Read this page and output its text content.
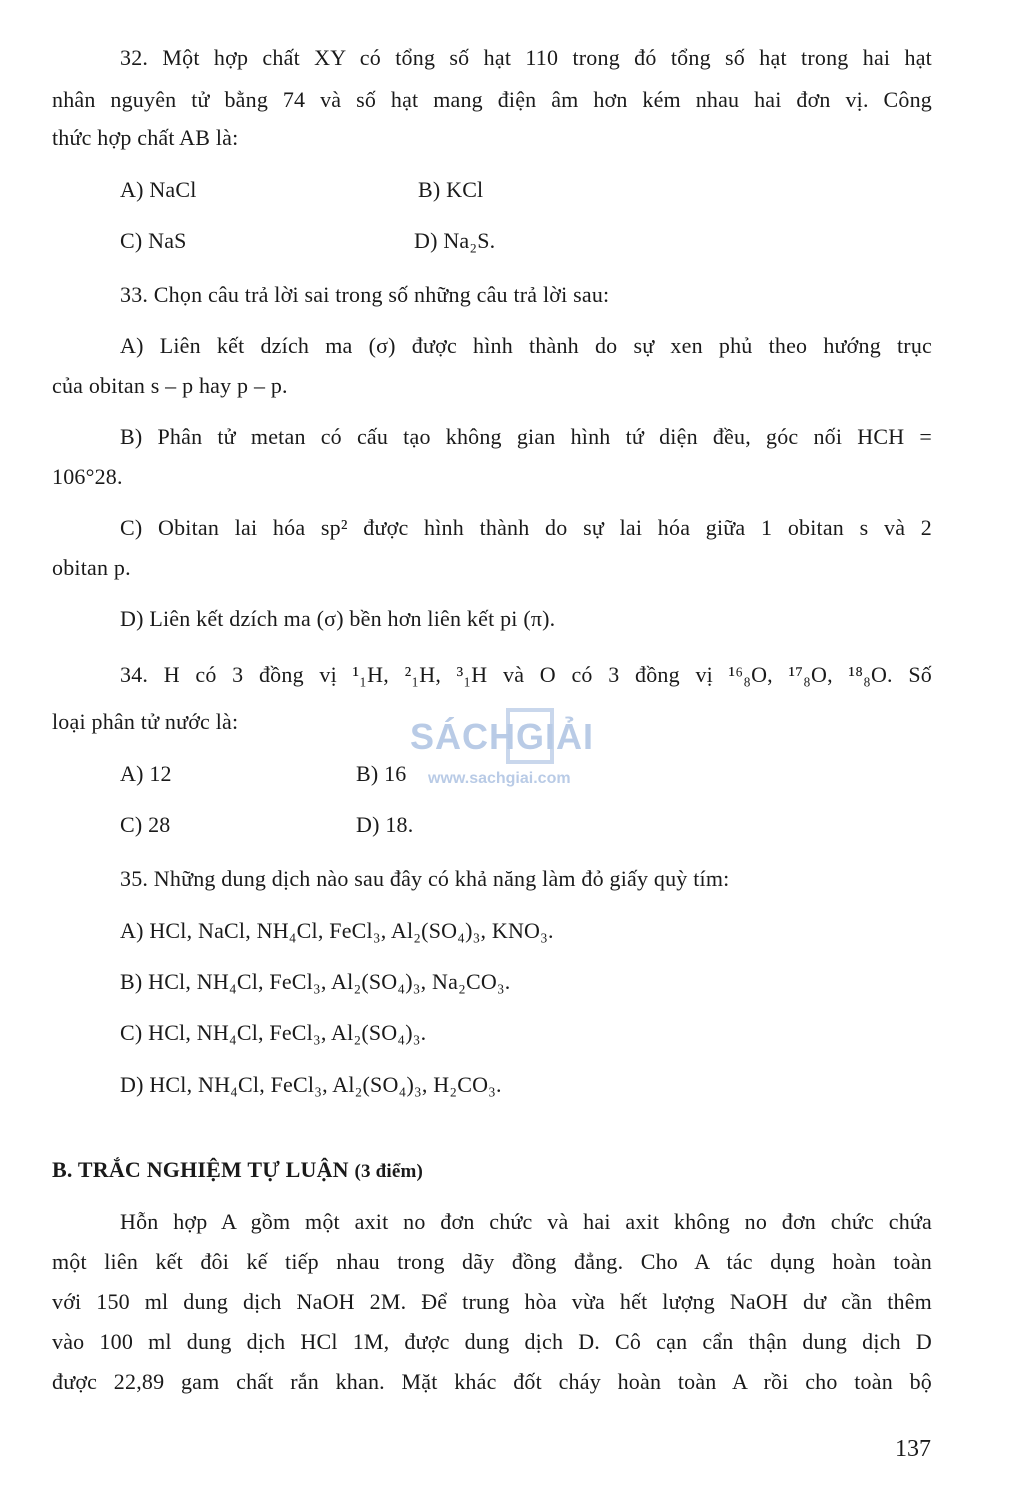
32. Một hợp chất XY có tổng số hạt 110 trong đó tổng số hạt trong hai hạt
nhân nguyên tử bằng 74 và số hạt mang điện âm hơn kém nhau hai đơn vị. Công
thức hợp chất AB là:
A) NaCl	B) KCl
C) NaS	D) Na₂S.
33. Chọn câu trả lời sai trong số những câu trả lời sau:
A) Liên kết dzích ma (σ) được hình thành do sự xen phủ theo hướng trục
của obitan s – p hay p – p.
B) Phân tử metan có cấu tạo không gian hình tứ diện đều, góc nối HCH =
106°28.
C) Obitan lai hóa sp² được hình thành do sự lai hóa giữa 1 obitan s và 2
obitan p.
D) Liên kết dzích ma (σ) bền hơn liên kết pi (π).
34. H có 3 đồng vị ¹₁H, ²₁H, ³₁H và O có 3 đồng vị ¹⁶₈O, ¹⁷₈O, ¹⁸₈O. Số
loại phân tử nước là:
A) 12	B) 16
C) 28	D) 18.
SÁCHGIẢI
www.sachgiai.com
35. Những dung dịch nào sau đây có khả năng làm đỏ giấy quỳ tím:
A) HCl, NaCl, NH₄Cl, FeCl₃, Al₂(SO₄)₃, KNO₃.
B) HCl, NH₄Cl, FeCl₃, Al₂(SO₄)₃, Na₂CO₃.
C) HCl, NH₄Cl, FeCl₃, Al₂(SO₄)₃.
D) HCl, NH₄Cl, FeCl₃, Al₂(SO₄)₃, H₂CO₃.
B. TRẮC NGHIỆM TỰ LUẬN (3 điểm)
Hỗn hợp A gồm một axit no đơn chức và hai axit không no đơn chức chứa
một liên kết đôi kế tiếp nhau trong dãy đồng đẳng. Cho A tác dụng hoàn toàn
với 150 ml dung dịch NaOH 2M. Để trung hòa vừa hết lượng NaOH dư cần thêm
vào 100 ml dung dịch HCl 1M, được dung dịch D. Cô cạn cẩn thận dung dịch D
được 22,89 gam chất rắn khan. Mặt khác đốt cháy hoàn toàn A rồi cho toàn bộ
137
